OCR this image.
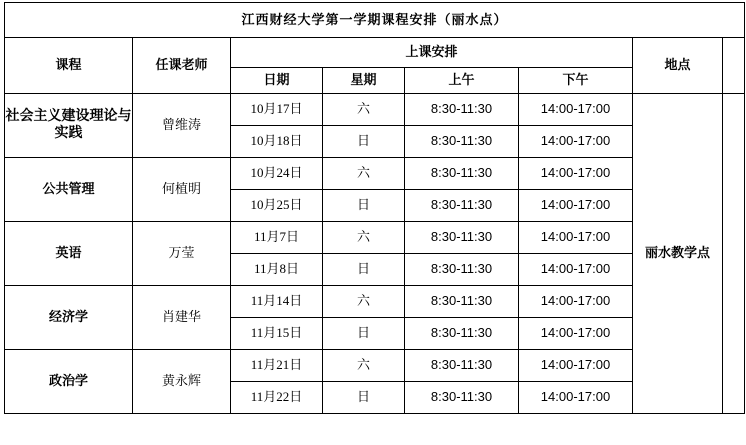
江西财经大学第一学期课程安排（丽水点）							
课程	任课老师	上课安排				地点	
		日期	星期	上午	下午		
社会主义建设理论与实践	曾维涛	10月17日	六	8:30-11:30	14:00-17:00	丽水教学点	
		10月18日	日	8:30-11:30	14:00-17:00		
公共管理	何植明	10月24日	六	8:30-11:30	14:00-17:00		
		10月25日	日	8:30-11:30	14:00-17:00		
英语	万莹	11月7日	六	8:30-11:30	14:00-17:00		
		11月8日	日	8:30-11:30	14:00-17:00		
经济学	肖建华	11月14日	六	8:30-11:30	14:00-17:00		
		11月15日	日	8:30-11:30	14:00-17:00		
政治学	黄永辉	11月21日	六	8:30-11:30	14:00-17:00		
		11月22日	日	8:30-11:30	14:00-17:00		
